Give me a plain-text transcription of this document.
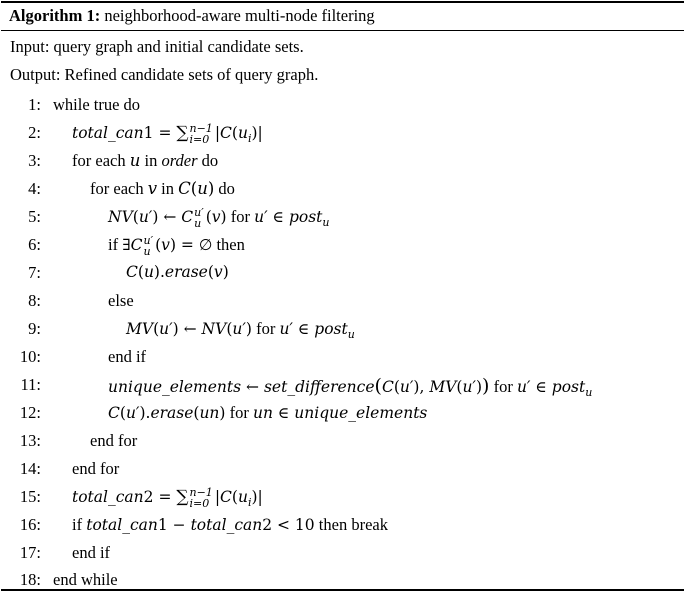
Algorithm 1: neighborhood-aware multi-node filtering
Input: query graph and initial candidate sets.
Output: Refined candidate sets of query graph.
1: while true do
2: total_can1 = ∑ n−1
i=0 $|C(u_i)|$
3: for each u in order do
4:	for each v in C(u) do
5:	NV(u′) ← C u′
u (v) for u′ ∈ post$_u$
6:	if ∃C u′
u (v) = ∅ then
7:	C(u).erase(v)
8:	else
9:	MV(u′) ← NV(u′) for u′ ∈ post$_u$
10:	end if
11:	unique_elements ← set_difference(C(u′), MV(u′)) for u′ ∈ post$_u$
12:	C(u′).erase(un) for un ∈ unique_elements
13:	end for
14: end for
15: total_can2 = ∑ n−1
i=0 $|C(u_i)|$
16: if total_can1 − total_can2 < 10 then break
17: end if
18: end while
